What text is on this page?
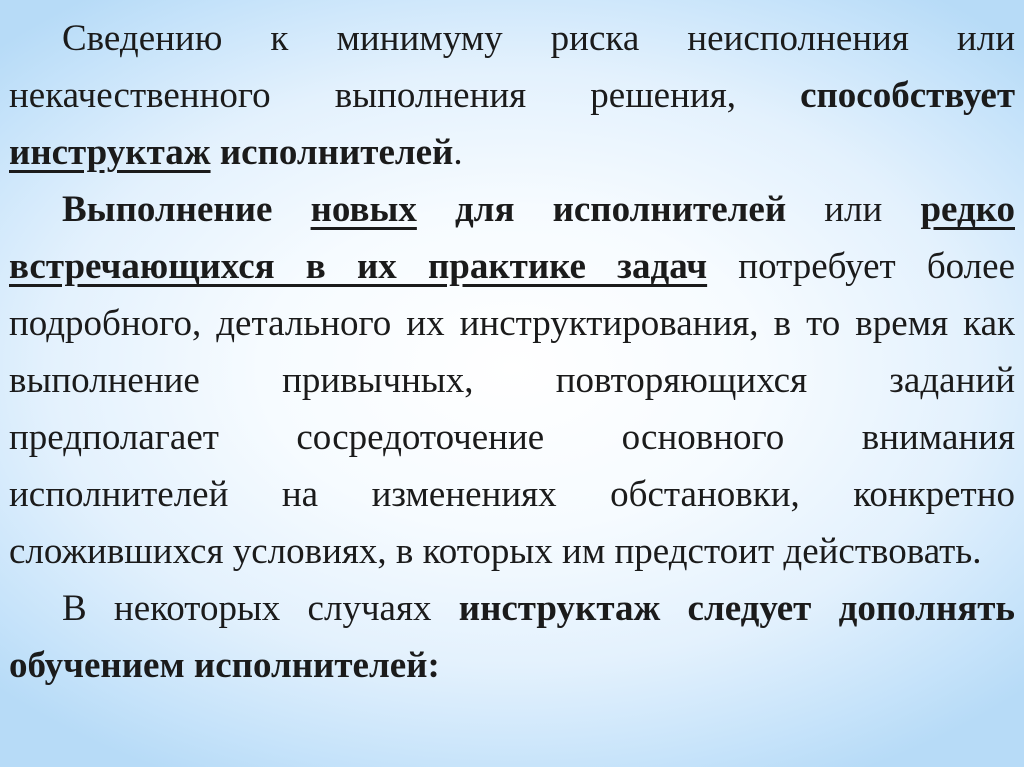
Сведению к минимуму риска неисполнения или некачественного выполнения решения, способствует инструктаж исполнителей.

Выполнение новых для исполнителей или редко встречающихся в их практике задач потребует более подробного, детального их инструктирования, в то время как выполнение привычных, повторяющихся заданий предполагает сосредоточение основного внимания исполнителей на изменениях обстановки, конкретно сложившихся условиях, в которых им предстоит действовать.

В некоторых случаях инструктаж следует дополнять обучением исполнителей:
